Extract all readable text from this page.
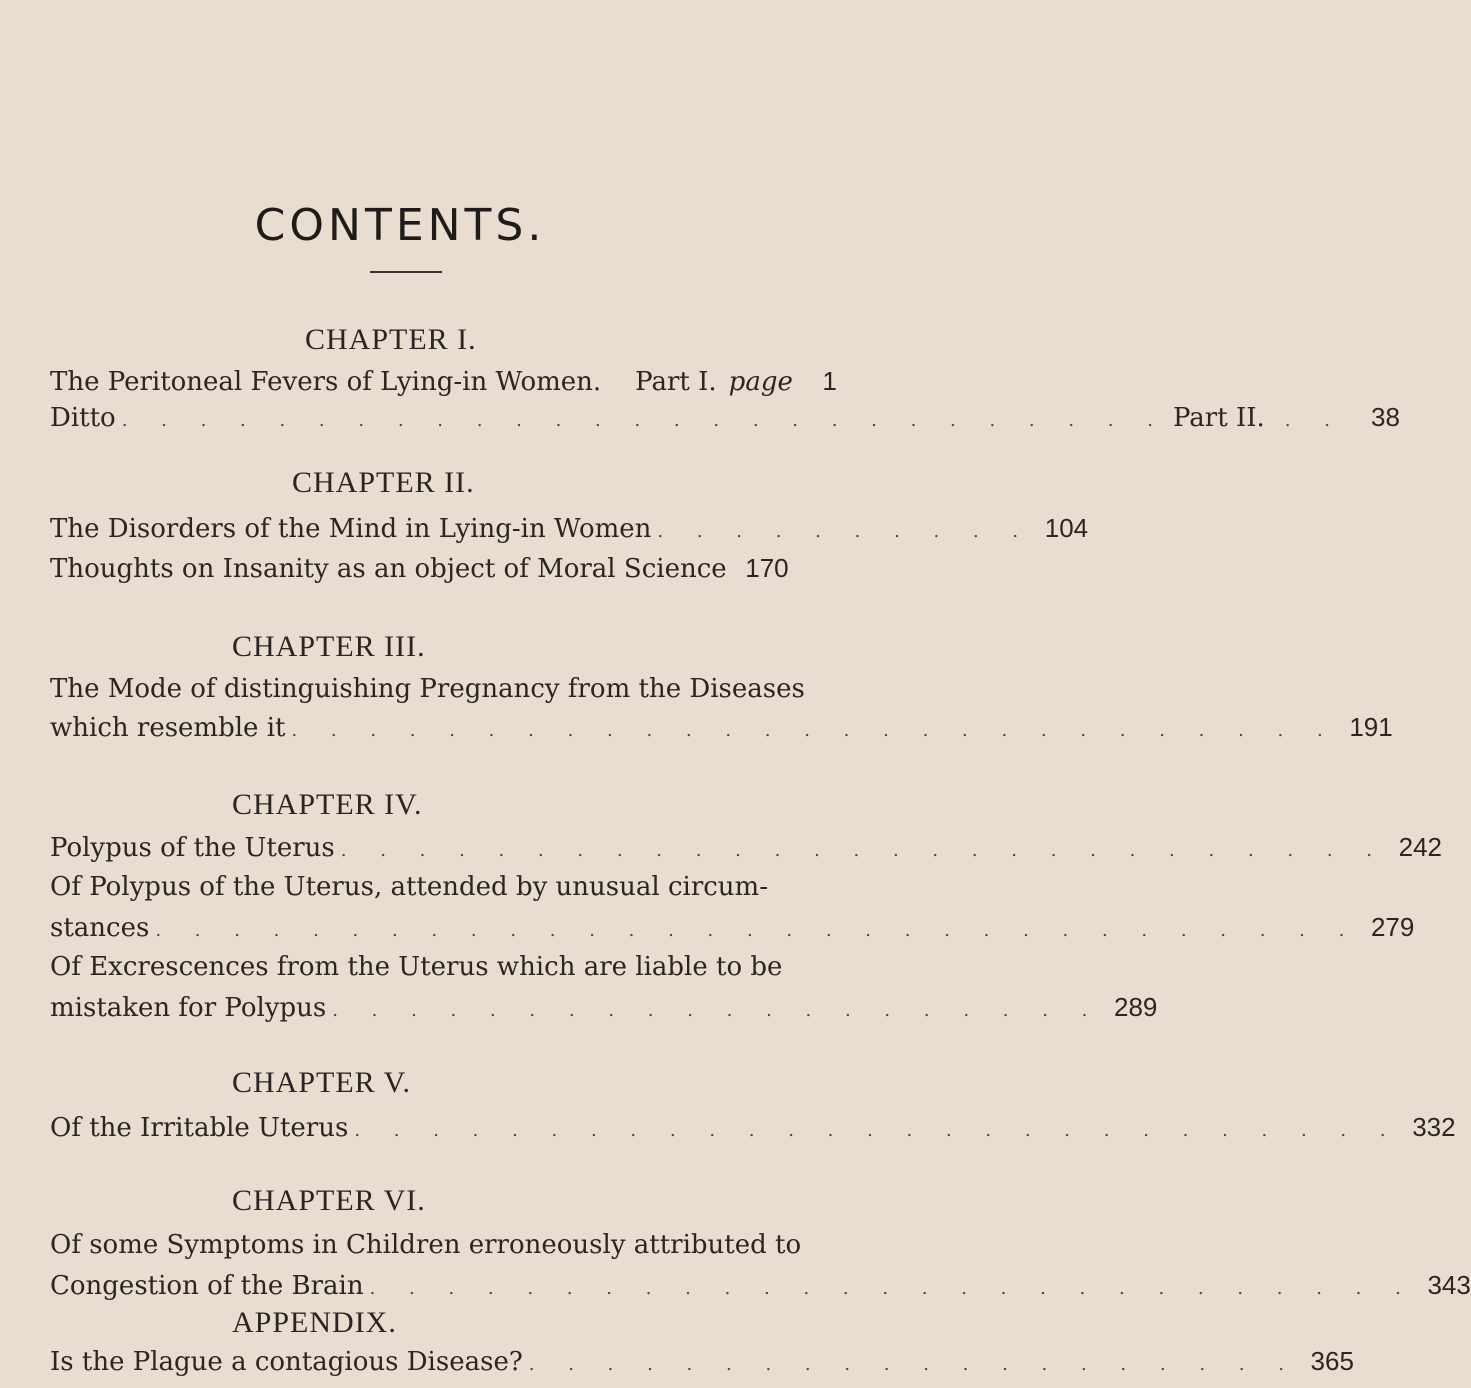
CONTENTS.
CHAPTER I.
The Peritoneal Fevers of Lying-in Women. Part I. page 1
Ditto . . . . . . . . . . . . . . . . . . . . . . . . . . . Part II. . .	38
CHAPTER II.
The Disorders of the Mind in Lying-in Women . . . . . . . . . . 104
Thoughts on Insanity as an object of Moral Science 170
CHAPTER III.
The Mode of distinguishing Pregnancy from the Diseases
which resemble it . . . . . . . . . . . . . . . . . . . . . . . . . . . 191
CHAPTER IV.
Polypus of the Uterus . . . . . . . . . . . . . . . . . . . . . . . . . . . 242
Of Polypus of the Uterus, attended by unusual circum-
stances . . . . . . . . . . . . . . . . . . . . . . . . . . . . . . . 279
Of Excrescences from the Uterus which are liable to be
mistaken for Polypus . . . . . . . . . . . . . . . . . . . . 289
CHAPTER V.
Of the Irritable Uterus . . . . . . . . . . . . . . . . . . . . . . . . . . . 332
CHAPTER VI.
Of some Symptoms in Children erroneously attributed to
Congestion of the Brain . . . . . . . . . . . . . . . . . . . . . . . . . . . 343
APPENDIX.
Is the Plague a contagious Disease? . . . . . . . . . . . . . . . . . . . . 365
